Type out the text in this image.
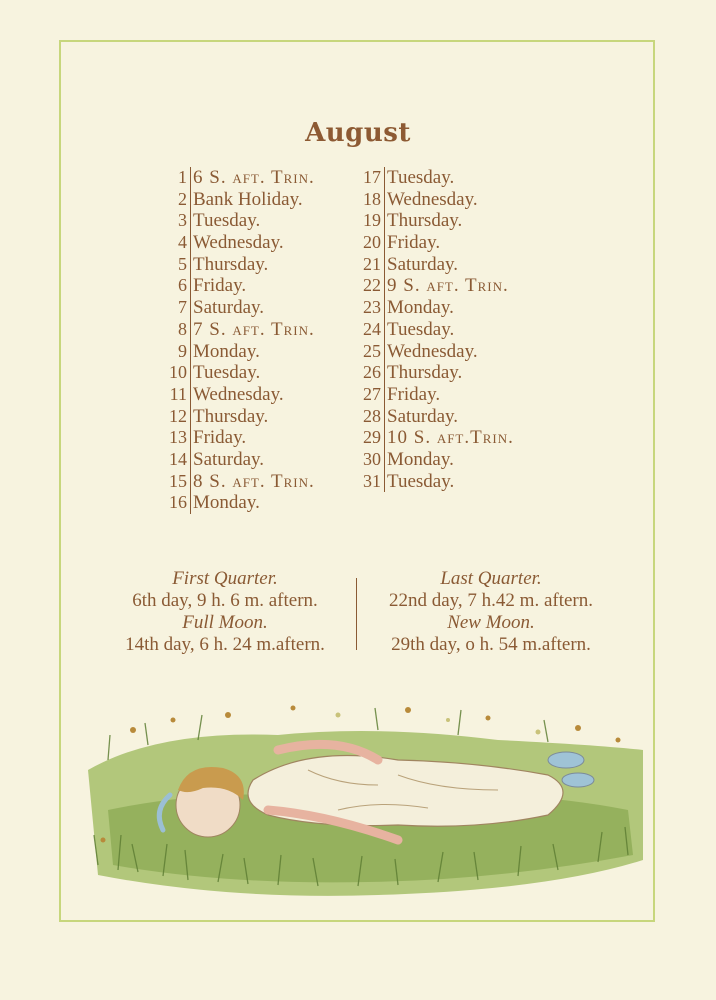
August
1 6 S. aft. Trin.
2 Bank Holiday.
3 Tuesday.
4 Wednesday.
5 Thursday.
6 Friday.
7 Saturday.
8 7 S. aft. Trin.
9 Monday.
10 Tuesday.
11 Wednesday.
12 Thursday.
13 Friday.
14 Saturday.
15 8 S. aft. Trin.
16 Monday.
17 Tuesday.
18 Wednesday.
19 Thursday.
20 Friday.
21 Saturday.
22 9 S. aft. Trin.
23 Monday.
24 Tuesday.
25 Wednesday.
26 Thursday.
27 Friday.
28 Saturday.
29 10 S. aft.Trin.
30 Monday.
31 Tuesday.
First Quarter.
6th day, 9 h. 6 m. aftern.
Full Moon.
14th day, 6 h. 24 m.aftern.
Last Quarter.
22nd day, 7 h.42 m. aftern.
New Moon.
29th day, o h. 54 m.aftern.
